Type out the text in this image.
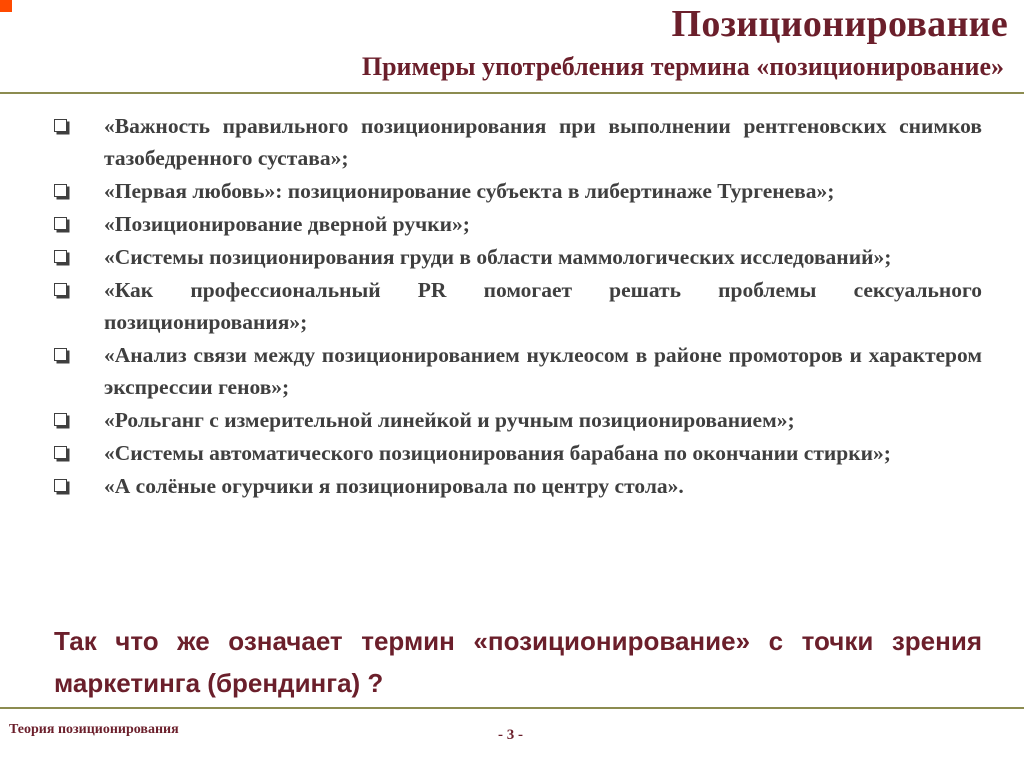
Позиционирование
Примеры употребления термина «позиционирование»
«Важность правильного позиционирования при выполнении рентгеновских снимков тазобедренного сустава»;
«Первая любовь»: позиционирование субъекта в либертинаже Тургенева»;
«Позиционирование дверной ручки»;
«Системы позиционирования груди в области маммологических исследований»;
«Как профессиональный PR помогает решать проблемы сексуального позиционирования»;
«Анализ связи между позиционированием нуклеосом в районе промоторов и характером экспрессии генов»;
«Рольганг с измерительной линейкой и ручным позиционированием»;
«Системы автоматического позиционирования барабана по окончании стирки»;
«А солёные огурчики я позиционировала по центру стола».
Так что же означает термин «позиционирование» с точки зрения маркетинга (брендинга) ?
Теория позиционирования	- 3 -
